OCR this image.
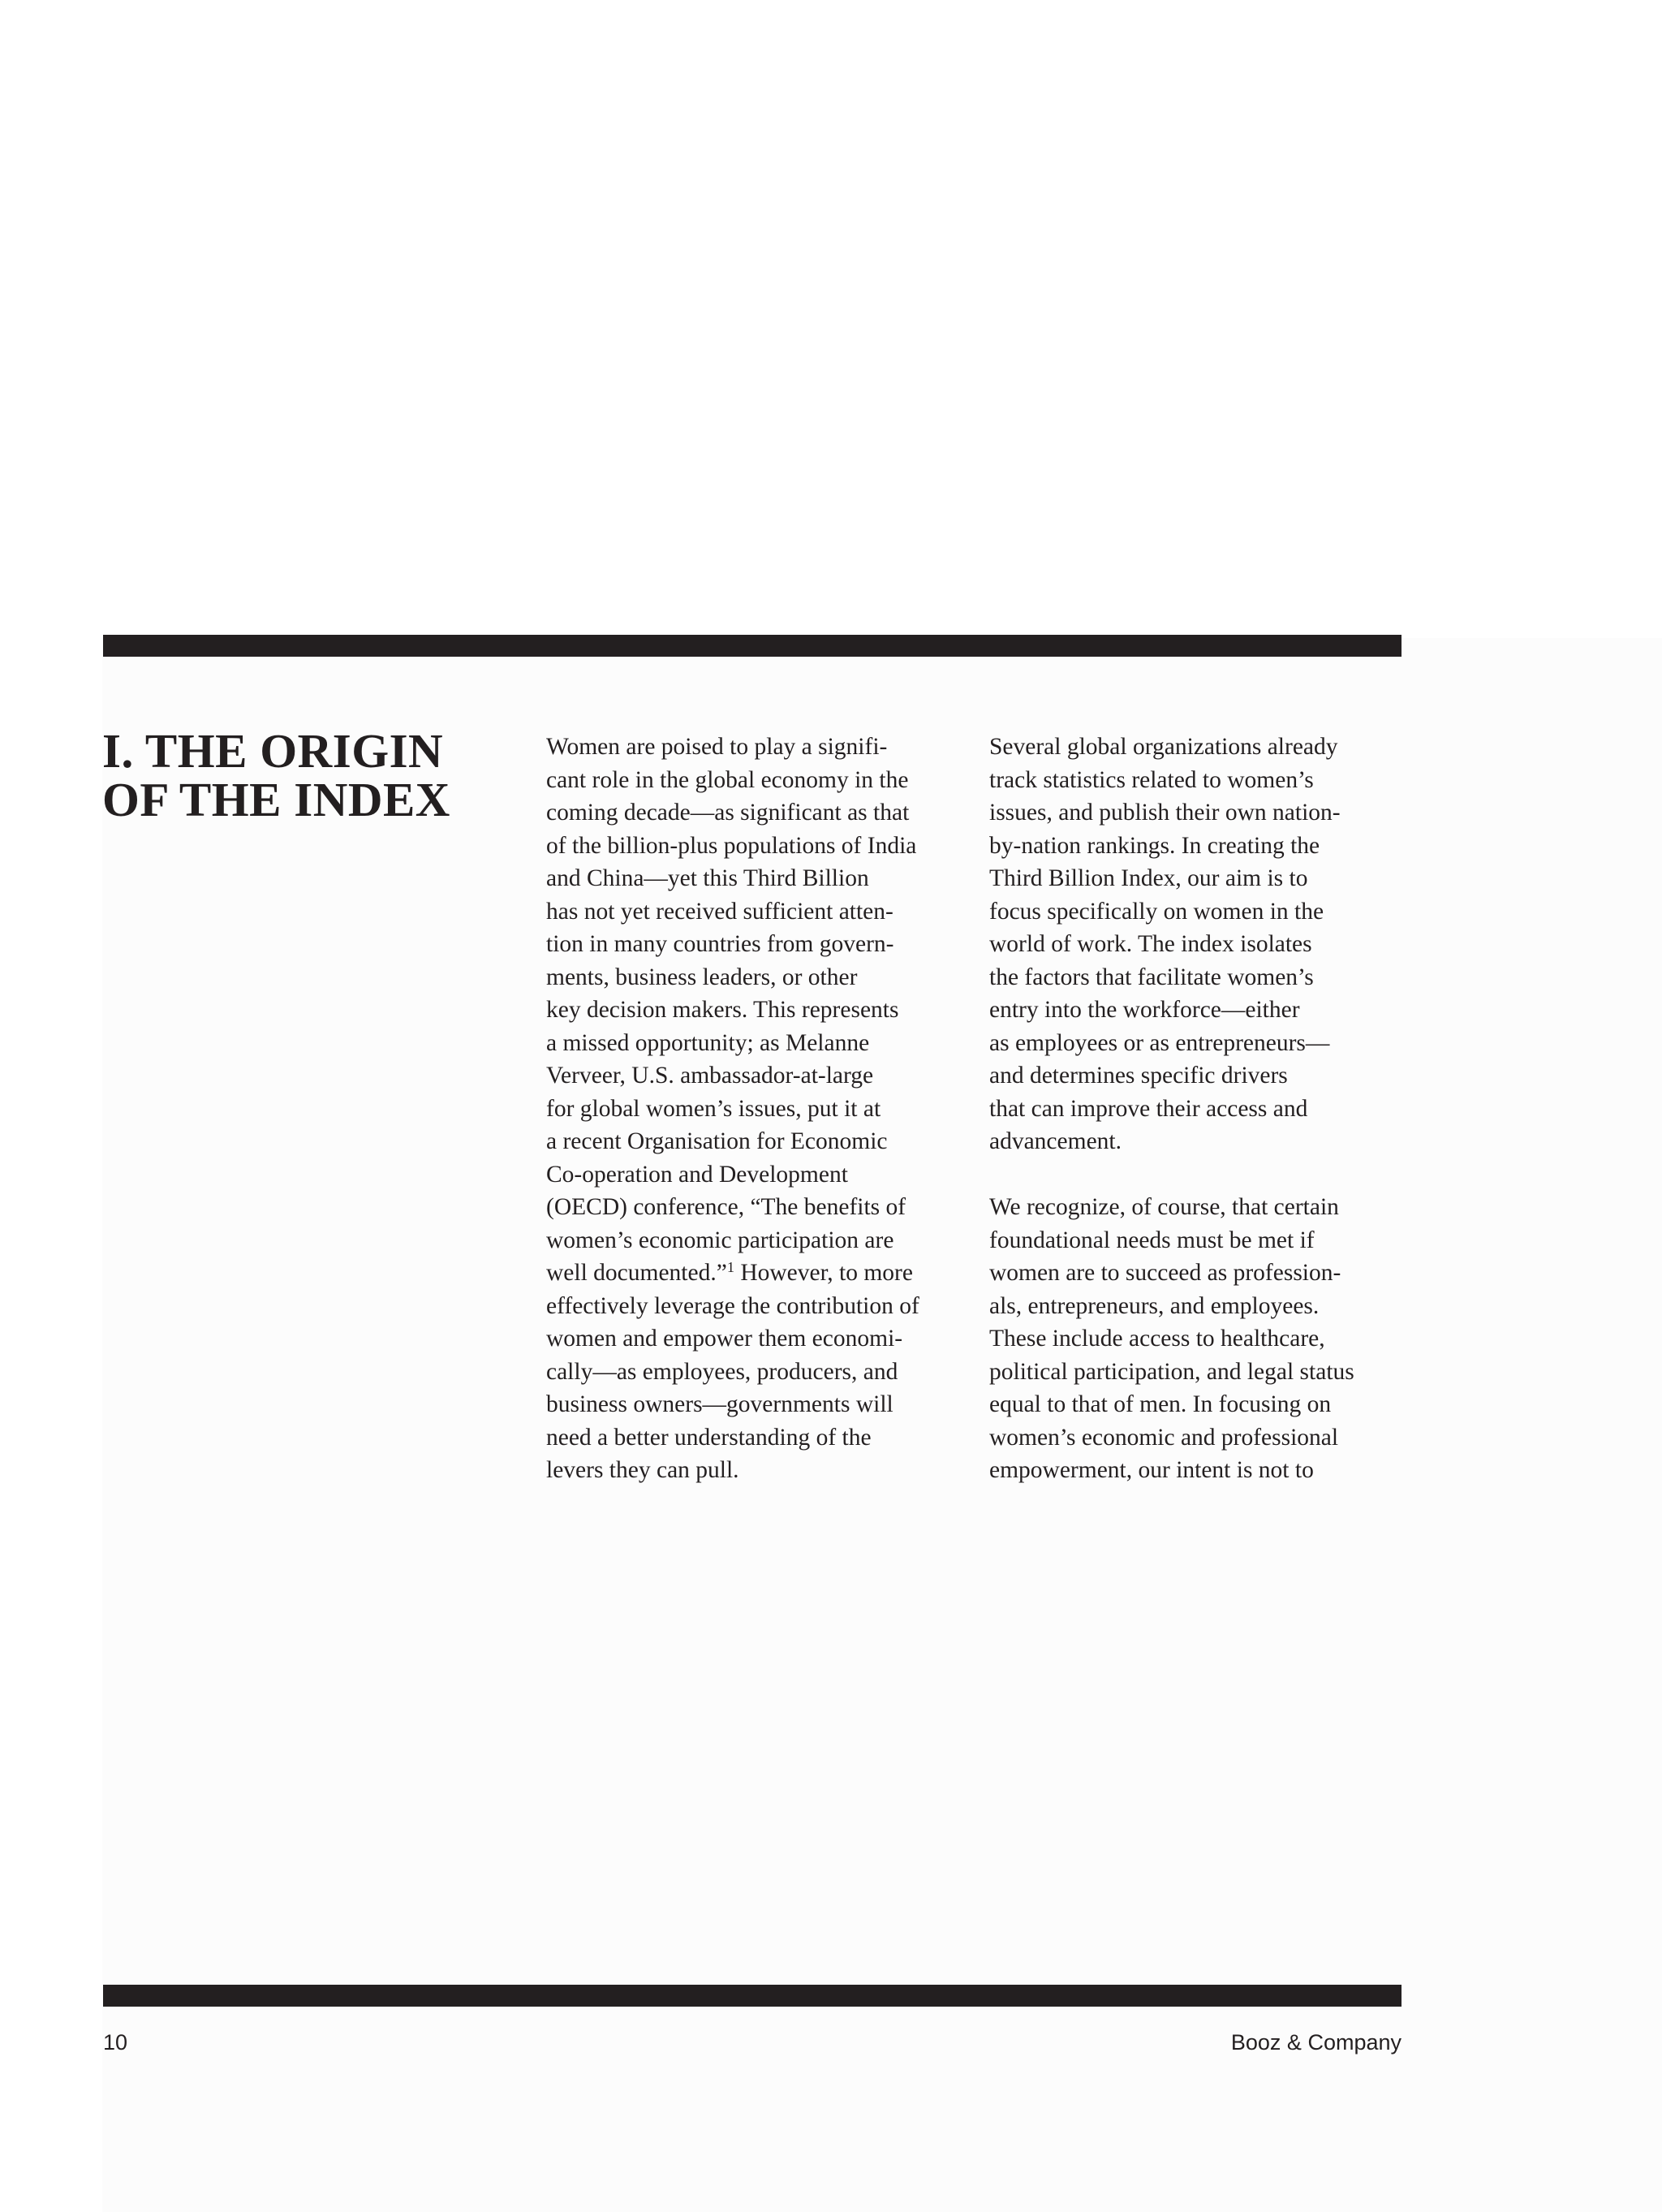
I. THE ORIGIN
OF THE INDEX

Women are poised to play a signifi-
cant role in the global economy in the
coming decade—as significant as that
of the billion-plus populations of India
and China—yet this Third Billion
has not yet received sufficient atten-
tion in many countries from govern-
ments, business leaders, or other
key decision makers. This represents
a missed opportunity; as Melanne
Verveer, U.S. ambassador-at-large
for global women’s issues, put it at
a recent Organisation for Economic
Co-operation and Development
(OECD) conference, “The benefits of
women’s economic participation are
well documented.”$^1$ However, to more
effectively leverage the contribution of
women and empower them economi-
cally—as employees, producers, and
business owners—governments will
need a better understanding of the
levers they can pull.

Several global organizations already
track statistics related to women’s
issues, and publish their own nation-
by-nation rankings. In creating the
Third Billion Index, our aim is to
focus specifically on women in the
world of work. The index isolates
the factors that facilitate women’s
entry into the workforce—either
as employees or as entrepreneurs—
and determines specific drivers
that can improve their access and
advancement.

We recognize, of course, that certain
foundational needs must be met if
women are to succeed as profession-
als, entrepreneurs, and employees.
These include access to healthcare,
political participation, and legal status
equal to that of men. In focusing on
women’s economic and professional
empowerment, our intent is not to

10	Booz & Company
